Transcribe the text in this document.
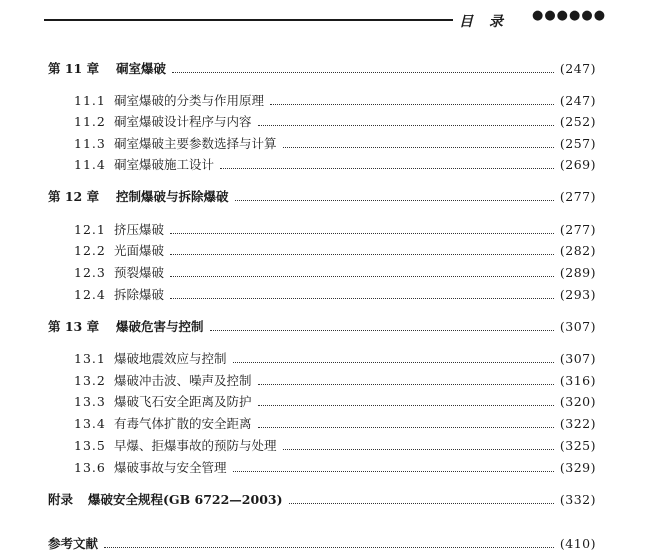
目　录 ●●●●●●
第 11 章	硐室爆破	(247)
11.1 硐室爆破的分类与作用原理	(247)
11.2 硐室爆破设计程序与内容	(252)
11.3 硐室爆破主要参数选择与计算	(257)
11.4 硐室爆破施工设计	(269)
第 12 章	控制爆破与拆除爆破	(277)
12.1 挤压爆破	(277)
12.2 光面爆破	(282)
12.3 预裂爆破	(289)
12.4 拆除爆破	(293)
第 13 章	爆破危害与控制	(307)
13.1 爆破地震效应与控制	(307)
13.2 爆破冲击波、噪声及控制	(316)
13.3 爆破飞石安全距离及防护	(320)
13.4 有毒气体扩散的安全距离	(322)
13.5 早爆、拒爆事故的预防与处理	(325)
13.6 爆破事故与安全管理	(329)
附录	爆破安全规程(GB 6722—2003)	(332)
参考文献	(410)
